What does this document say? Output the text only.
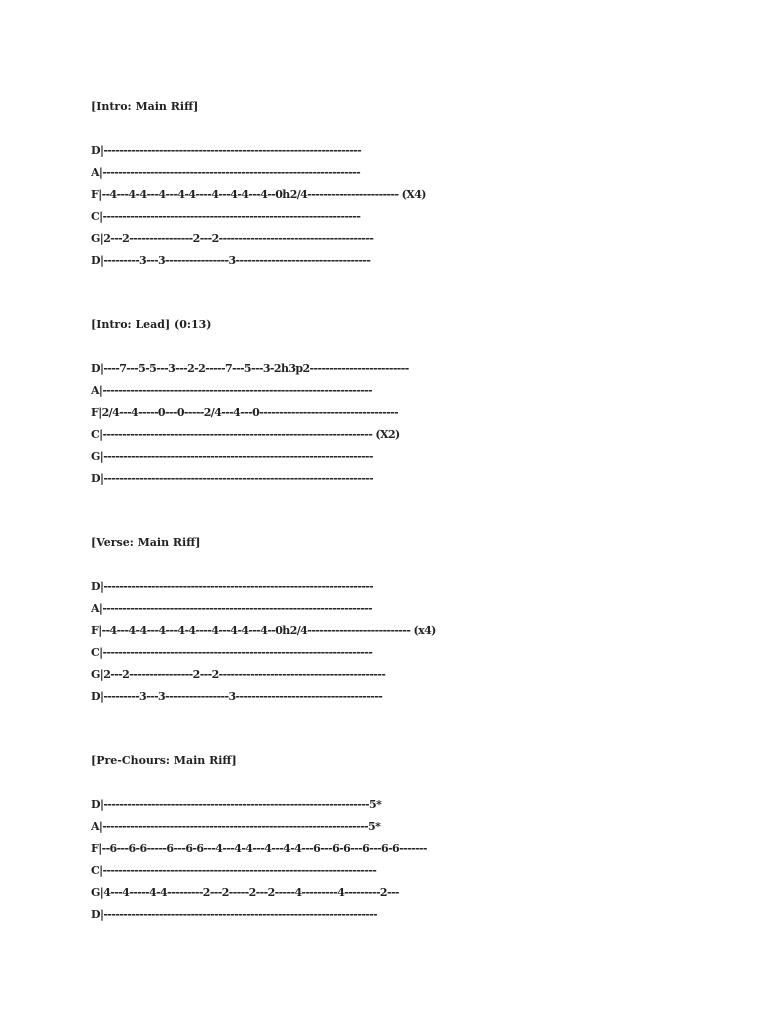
[Intro: Main Riff]
D|-----------------------------------------------------------------
A|-----------------------------------------------------------------
F|--4---4-4---4---4-4----4---4-4---4--0h2/4----------------------- (X4)
C|-----------------------------------------------------------------
G|2---2----------------2---2---------------------------------------
D|---------3---3----------------3----------------------------------
[Intro: Lead] (0:13)
D|----7---5-5---3---2-2-----7---5---3-2h3p2-------------------------
A|--------------------------------------------------------------------
F|2/4---4-----0---0-----2/4---4---0-----------------------------------
C|-------------------------------------------------------------------- (X2)
G|--------------------------------------------------------------------
D|--------------------------------------------------------------------
[Verse: Main Riff]
D|--------------------------------------------------------------------
A|--------------------------------------------------------------------
F|--4---4-4---4---4-4----4---4-4---4--0h2/4-------------------------- (x4)
C|--------------------------------------------------------------------
G|2---2----------------2---2------------------------------------------
D|---------3---3----------------3-------------------------------------
[Pre-Chours: Main Riff]
D|-------------------------------------------------------------------5*
A|-------------------------------------------------------------------5*
F|--6---6-6-----6---6-6---4---4-4---4---4-4---6---6-6---6---6-6-------
C|---------------------------------------------------------------------
G|4---4-----4-4---------2---2-----2---2-----4---------4---------2---
D|---------------------------------------------------------------------
